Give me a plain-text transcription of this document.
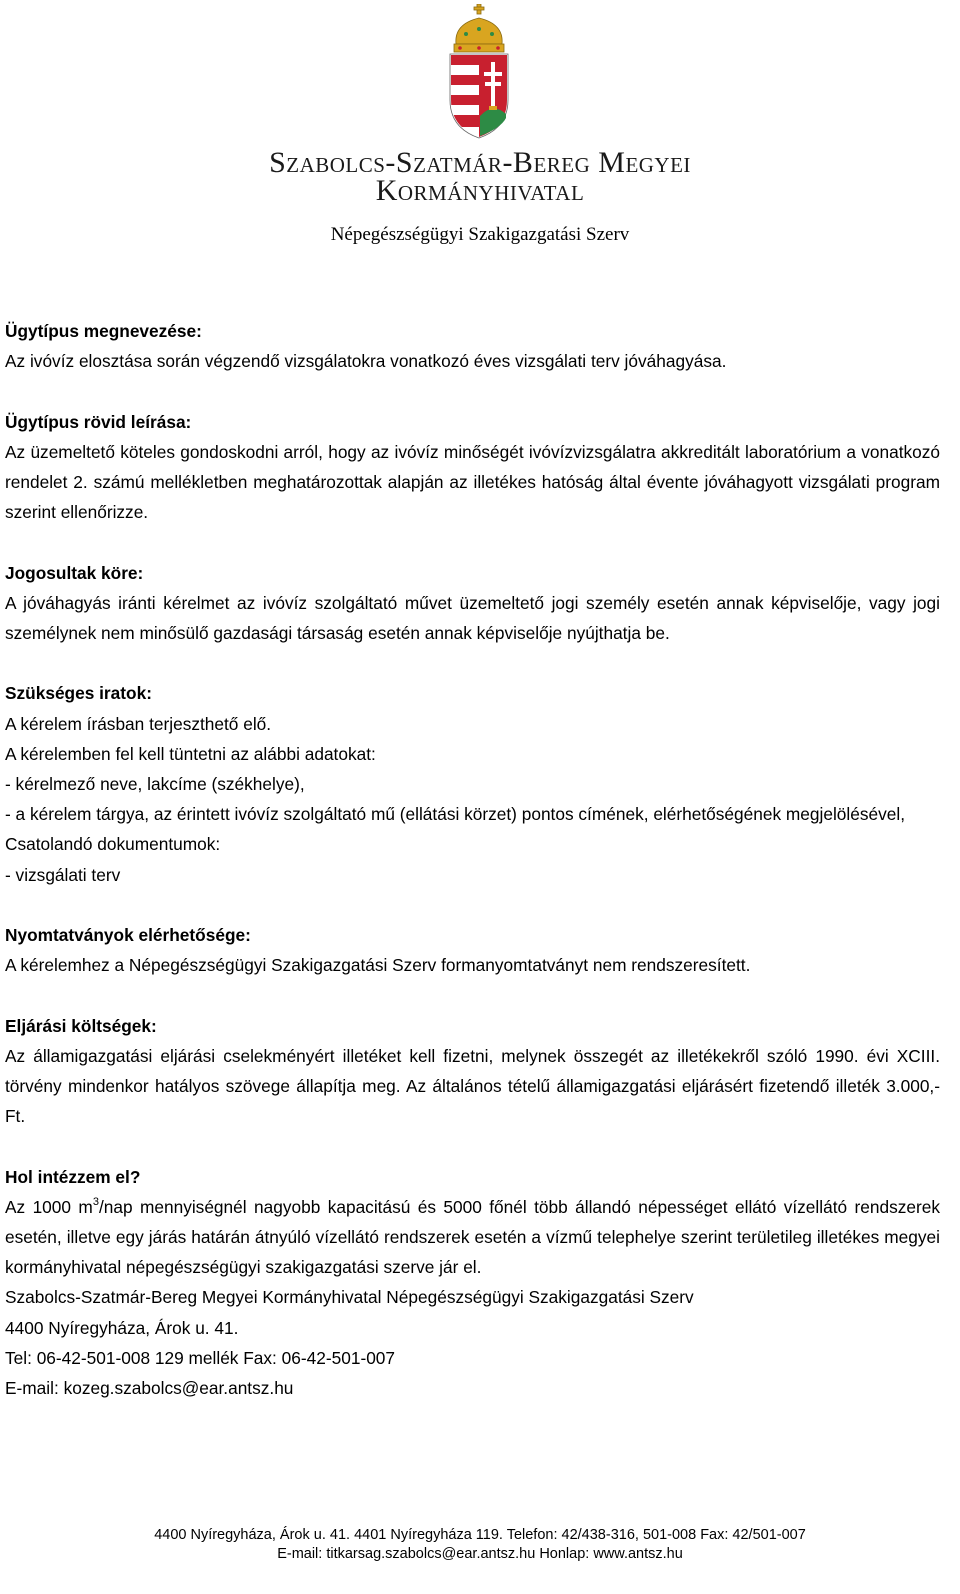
Szabolcs-Szatmár-Bereg Megyei
Kormányhivatal
Népegészségügyi Szakigazgatási Szerv

Ügytípus megnevezése:

Az ivóvíz elosztása során végzendő vizsgálatokra vonatkozó éves vizsgálati terv jóváhagyása.

Ügytípus rövid leírása:

Az üzemeltető köteles gondoskodni arról, hogy az ivóvíz minőségét ivóvízvizsgálatra akkreditált laboratórium a vonatkozó rendelet 2. számú mellékletben meghatározottak alapján az illetékes hatóság által évente jóváhagyott vizsgálati program szerint ellenőrizze.

Jogosultak köre:

A jóváhagyás iránti kérelmet az ivóvíz szolgáltató művet üzemeltető jogi személy esetén annak képviselője, vagy jogi személynek nem minősülő gazdasági társaság esetén annak képviselője nyújthatja be.

Szükséges iratok:

A kérelem írásban terjeszthető elő.

A kérelemben fel kell tüntetni az alábbi adatokat:

- kérelmező neve, lakcíme (székhelye),

- a kérelem tárgya, az érintett ivóvíz szolgáltató mű (ellátási körzet) pontos címének, elérhetőségének megjelölésével,

Csatolandó dokumentumok:

- vizsgálati terv

Nyomtatványok elérhetősége:

A kérelemhez a Népegészségügyi Szakigazgatási Szerv formanyomtatványt nem rendszeresített.

Eljárási költségek:

Az államigazgatási eljárási cselekményért illetéket kell fizetni, melynek összegét az illetékekről szóló 1990. évi XCIII. törvény mindenkor hatályos szövege állapítja meg. Az általános tételű államigazgatási eljárásért fizetendő illeték 3.000,- Ft.

Hol intézzem el?

Az 1000 $m^3$/nap mennyiségnél nagyobb kapacitású és 5000 főnél több állandó népességet ellátó vízellátó rendszerek esetén, illetve egy járás határán átnyúló vízellátó rendszerek esetén a vízmű telephelye szerint területileg illetékes megyei kormányhivatal népegészségügyi szakigazgatási szerve jár el.

Szabolcs-Szatmár-Bereg Megyei Kormányhivatal Népegészségügyi Szakigazgatási Szerv

4400 Nyíregyháza, Árok u. 41.

Tel: 06-42-501-008 129 mellék Fax: 06-42-501-007

E-mail: kozeg.szabolcs@ear.antsz.hu

4400 Nyíregyháza, Árok u. 41. 4401 Nyíregyháza 119. Telefon: 42/438-316, 501-008 Fax: 42/501-007
E-mail: titkarsag.szabolcs@ear.antsz.hu Honlap: www.antsz.hu
